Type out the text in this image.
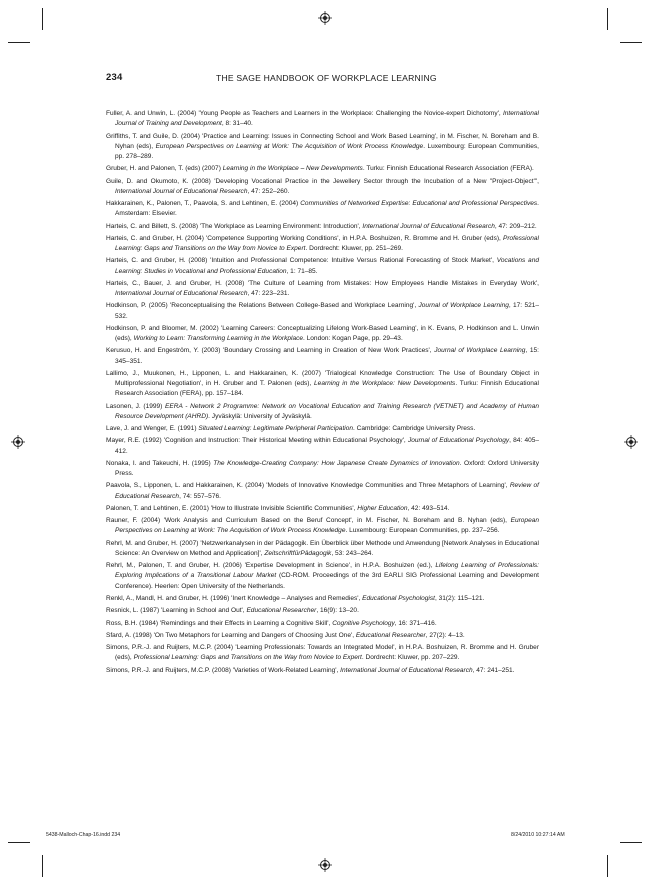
234	THE SAGE HANDBOOK OF WORKPLACE LEARNING

Fuller, A. and Unwin, L. (2004) 'Young People as Teachers and Learners in the Workplace: Challenging the Novice-expert Dichotomy', International Journal of Training and Development, 8: 31–40.

Griffiths, T. and Guile, D. (2004) 'Practice and Learning: Issues in Connecting School and Work Based Learning', in M. Fischer, N. Boreham and B. Nyhan (eds), European Perspectives on Learning at Work: The Acquisition of Work Process Knowledge. Luxembourg: European Communities, pp. 278–289.

Gruber, H. and Palonen, T. (eds) (2007) Learning in the Workplace – New Developments. Turku: Finnish Educational Research Association (FERA).

Guile, D. and Okumoto, K. (2008) 'Developing Vocational Practice in the Jewellery Sector through the Incubation of a New "Project-Object"', International Journal of Educational Research, 47: 252–260.

Hakkarainen, K., Palonen, T., Paavola, S. and Lehtinen, E. (2004) Communities of Networked Expertise: Educational and Professional Perspectives. Amsterdam: Elsevier.

Harteis, C. and Billett, S. (2008) 'The Workplace as Learning Environment: Introduction', International Journal of Educational Research, 47: 209–212.

Harteis, C. and Gruber, H. (2004) 'Competence Supporting Working Conditions', in H.P.A. Boshuizen, R. Bromme and H. Gruber (eds), Professional Learning: Gaps and Transitions on the Way from Novice to Expert. Dordrecht: Kluwer, pp. 251–269.

Harteis, C. and Gruber, H. (2008) 'Intuition and Professional Competence: Intuitive Versus Rational Forecasting of Stock Market', Vocations and Learning: Studies in Vocational and Professional Education, 1: 71–85.

Harteis, C., Bauer, J. and Gruber, H. (2008) 'The Culture of Learning from Mistakes: How Employees Handle Mistakes in Everyday Work', International Journal of Educational Research, 47: 223–231.

Hodkinson, P. (2005) 'Reconceptualising the Relations Between College-Based and Workplace Learning', Journal of Workplace Learning, 17: 521–532.

Hodkinson, P. and Bloomer, M. (2002) 'Learning Careers: Conceptualizing Lifelong Work-Based Learning', in K. Evans, P. Hodkinson and L. Unwin (eds), Working to Learn: Transforming Learning in the Workplace. London: Kogan Page, pp. 29–43.

Kerusuo, H. and Engeström, Y. (2003) 'Boundary Crossing and Learning in Creation of New Work Practices', Journal of Workplace Learning, 15: 345–351.

Lallimo, J., Muukonen, H., Lipponen, L. and Hakkarainen, K. (2007) 'Trialogical Knowledge Construction: The Use of Boundary Object in Multiprofessional Negotiation', in H. Gruber and T. Palonen (eds), Learning in the Workplace: New Developments. Turku: Finnish Educational Research Association (FERA), pp. 157–184.

Lasonen, J. (1999) EERA - Network 2 Programme: Network on Vocational Education and Training Research (VETNET) and Academy of Human Resource Development (AHRD). Jyväskylä: University of Jyväskylä.

Lave, J. and Wenger, E. (1991) Situated Learning: Legitimate Peripheral Participation. Cambridge: Cambridge University Press.

Mayer, R.E. (1992) 'Cognition and Instruction: Their Historical Meeting within Educational Psychology', Journal of Educational Psychology, 84: 405–412.

Nonaka, I. and Takeuchi, H. (1995) The Knowledge-Creating Company: How Japanese Create Dynamics of Innovation. Oxford: Oxford University Press.

Paavola, S., Lipponen, L. and Hakkarainen, K. (2004) 'Models of Innovative Knowledge Communities and Three Metaphors of Learning', Review of Educational Research, 74: 557–576.

Palonen, T. and Lehtinen, E. (2001) 'How to Illustrate Invisible Scientific Communities', Higher Education, 42: 493–514.

Rauner, F. (2004) 'Work Analysis and Curriculum Based on the Beruf Concept', in M. Fischer, N. Boreham and B. Nyhan (eds), European Perspectives on Learning at Work: The Acquisition of Work Process Knowledge. Luxembourg: European Communities, pp. 237–256.

Rehrl, M. and Gruber, H. (2007) 'Netzwerkanalysen in der Pädagogik. Ein Überblick über Methode und Anwendung [Network Analyses in Educational Science: An Overview on Method and Application]', ZeitschriftfürPädagogik, 53: 243–264.

Rehrl, M., Palonen, T. and Gruber, H. (2006) 'Expertise Development in Science', in H.P.A. Boshuizen (ed.), Lifelong Learning of Professionals: Exploring Implications of a Transitional Labour Market (CD-ROM. Proceedings of the 3rd EARLI SIG Professional Learning and Development Conference). Heerlen: Open University of the Netherlands.

Renkl, A., Mandl, H. and Gruber, H. (1996) 'Inert Knowledge – Analyses and Remedies', Educational Psychologist, 31(2): 115–121.

Resnick, L. (1987) 'Learning in School and Out', Educational Researcher, 16(9): 13–20.

Ross, B.H. (1984) 'Remindings and their Effects in Learning a Cognitive Skill', Cognitive Psychology, 16: 371–416.

Sfard, A. (1998) 'On Two Metaphors for Learning and Dangers of Choosing Just One', Educational Researcher, 27(2): 4–13.

Simons, P.R.-J. and Ruijters, M.C.P. (2004) 'Learning Professionals: Towards an Integrated Model', in H.P.A. Boshuizen, R. Bromme and H. Gruber (eds), Professional Learning: Gaps and Transitions on the Way from Novice to Expert. Dordrecht: Kluwer, pp. 207–229.

Simons, P.R.-J. and Ruijters, M.C.P. (2008) 'Varieties of Work-Related Learning', International Journal of Educational Research, 47: 241–251.

5438-Malloch-Chap-16.indd 234	8/24/2010 10:27:14 AM
